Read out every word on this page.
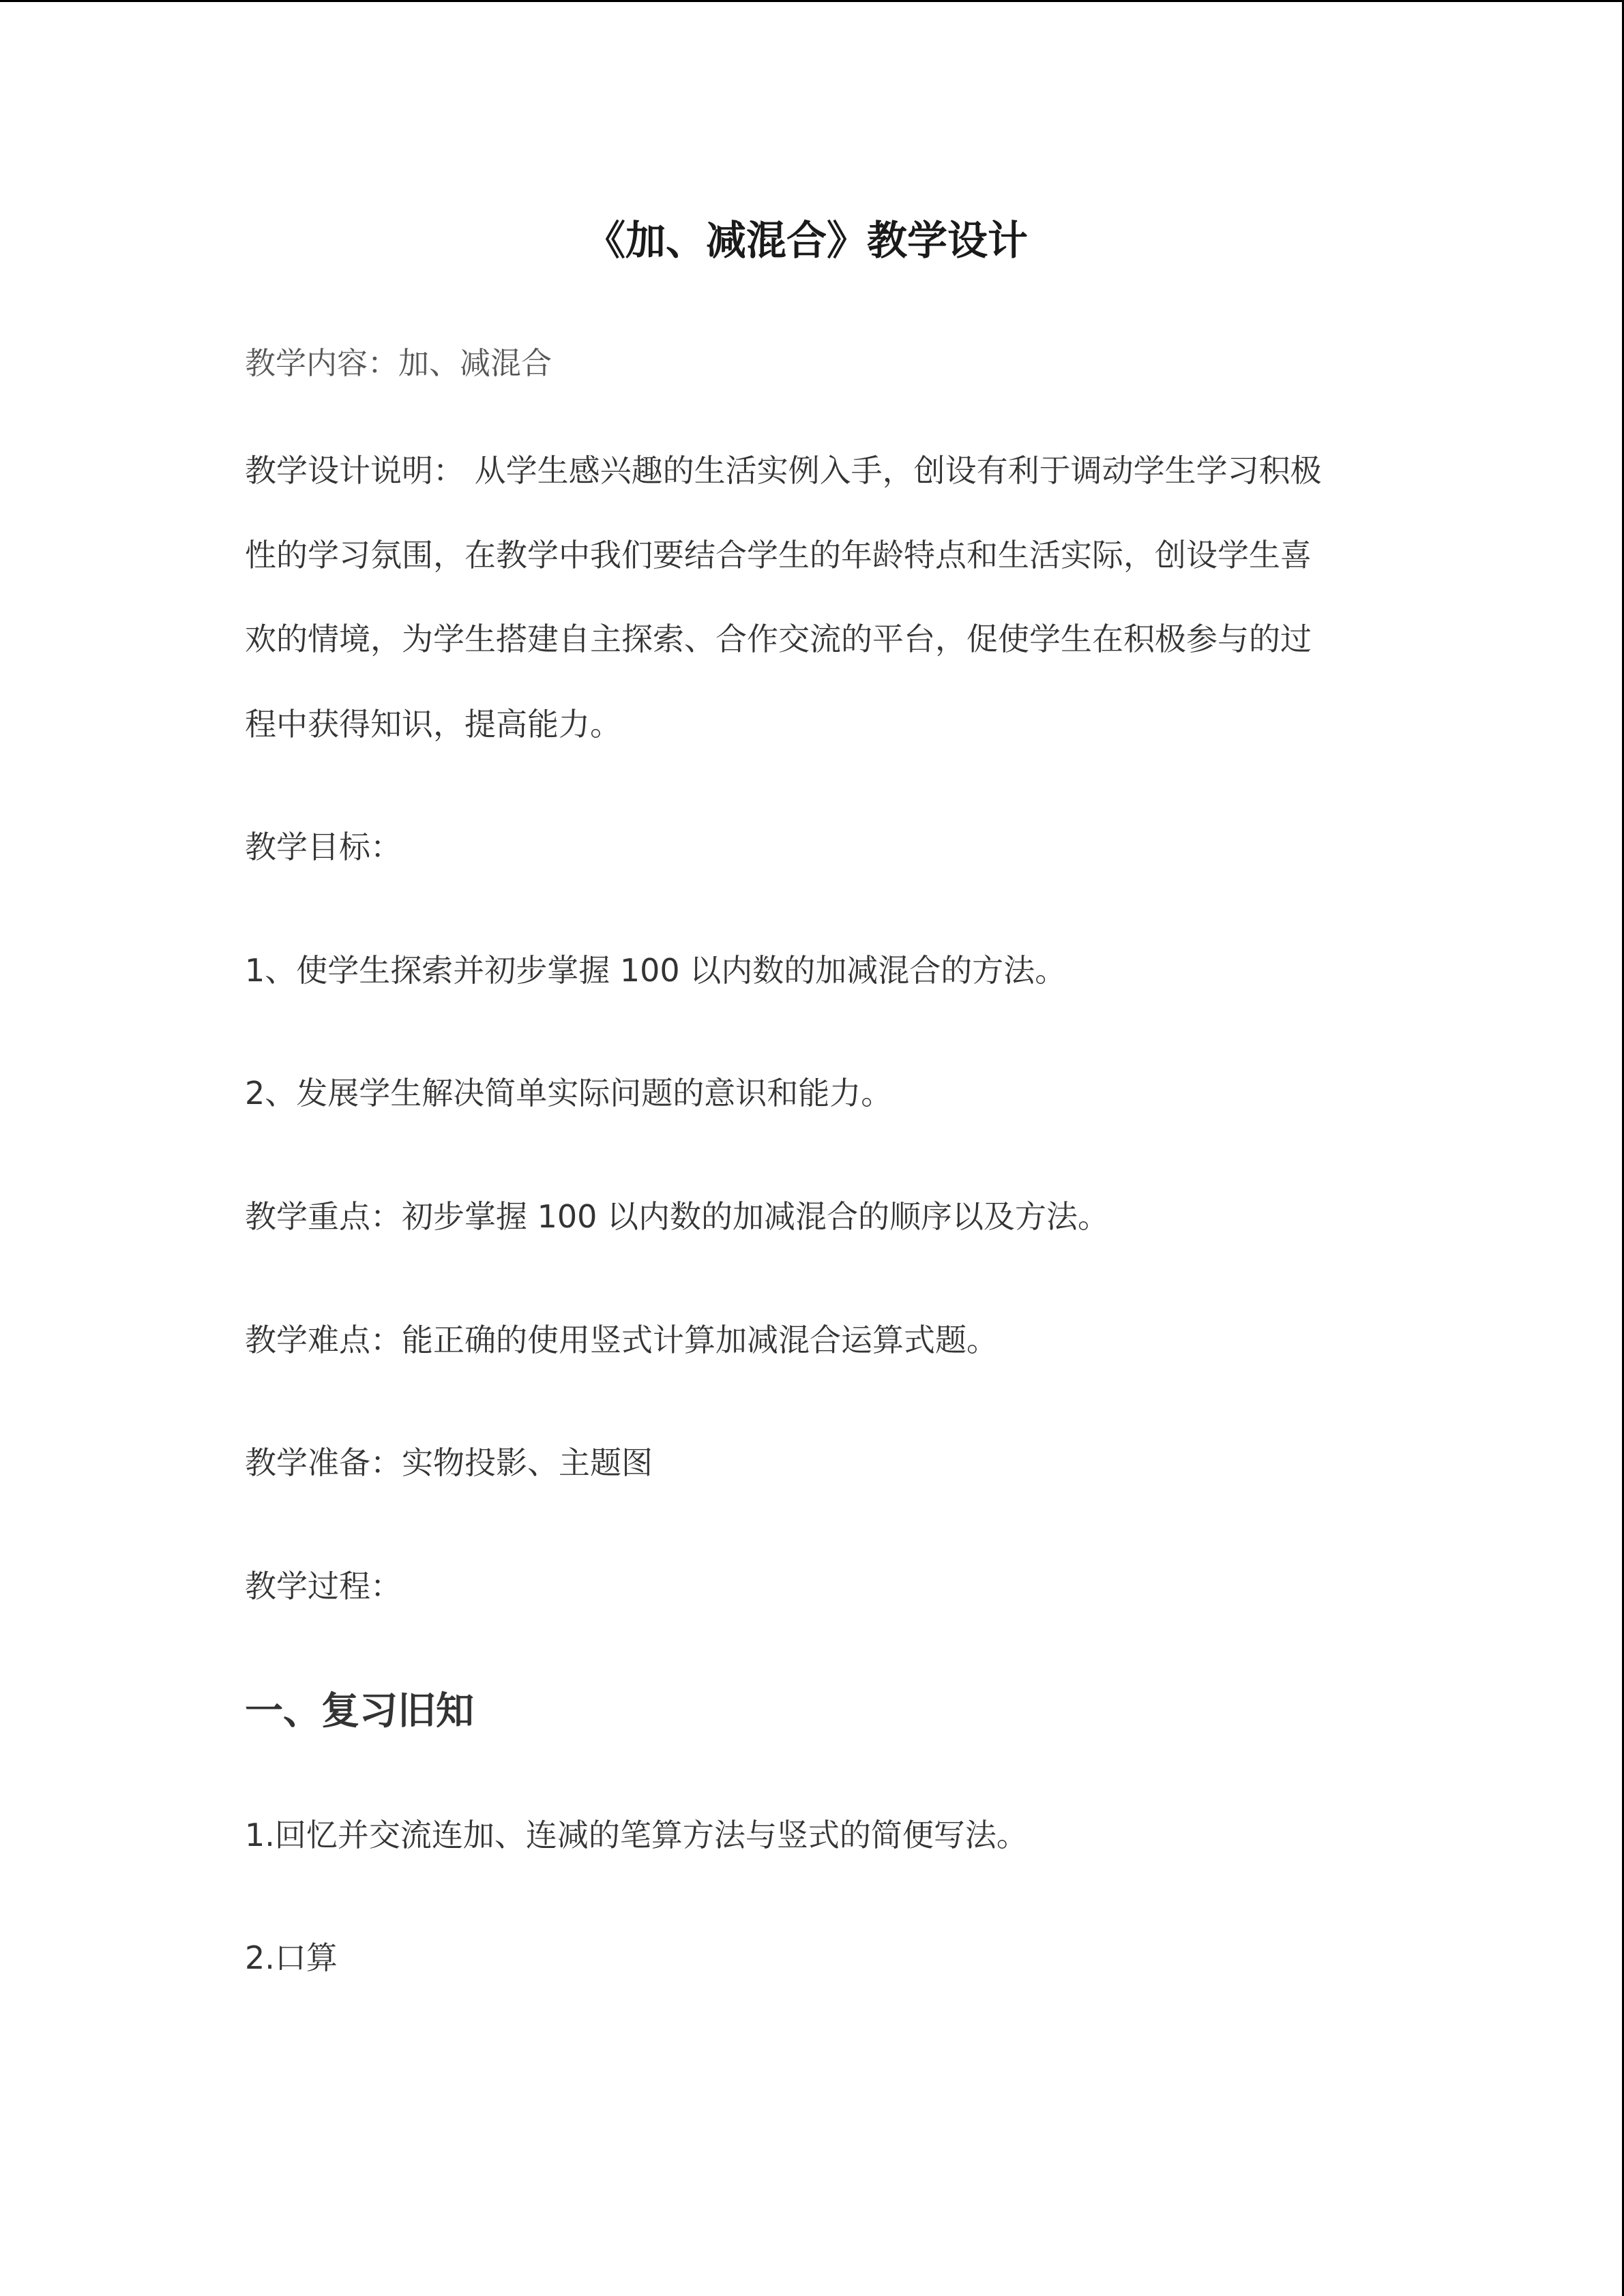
《加、减混合》教学设计

教学内容：加、减混合

教学设计说明： 从学生感兴趣的生活实例入手，创设有利于调动学生学习积极

性的学习氛围，在教学中我们要结合学生的年龄特点和生活实际，创设学生喜

欢的情境，为学生搭建自主探索、合作交流的平台，促使学生在积极参与的过

程中获得知识，提高能力。

教学目标：

1、使学生探索并初步掌握 100 以内数的加减混合的方法。

2、发展学生解决简单实际问题的意识和能力。

教学重点：初步掌握 100 以内数的加减混合的顺序以及方法。

教学难点：能正确的使用竖式计算加减混合运算式题。

教学准备：实物投影、主题图

教学过程：

一、复习旧知

1.回忆并交流连加、连减的笔算方法与竖式的简便写法。

2.口算
